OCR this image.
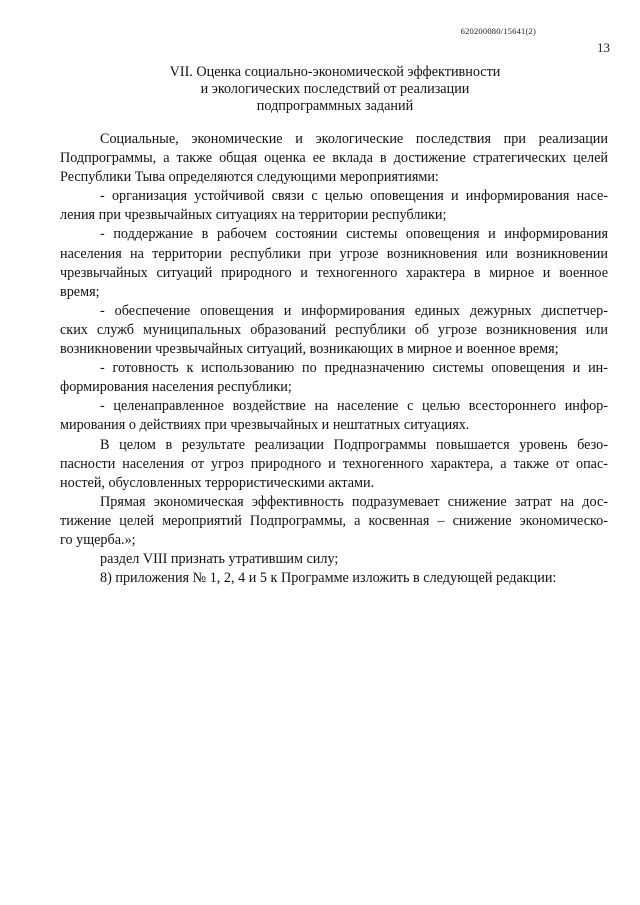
620200080/15641(2)
13
VII. Оценка социально-экономической эффективности
и экологических последствий от реализации
подпрограммных заданий

Социальные, экономические и экологические последствия при реализации
Подпрограммы, а также общая оценка ее вклада в достижение стратегических целей
Республики Тыва определяются следующими мероприятиями:

- организация устойчивой связи с целью оповещения и информирования насе-
ления при чрезвычайных ситуациях на территории республики;

- поддержание в рабочем состоянии системы оповещения и информирования
населения на территории республики при угрозе возникновения или возникновении
чрезвычайных ситуаций природного и техногенного характера в мирное и военное
время;

- обеспечение оповещения и информирования единых дежурных диспетчер-
ских служб муниципальных образований республики об угрозе возникновения или
возникновении чрезвычайных ситуаций, возникающих в мирное и военное время;

- готовность к использованию по предназначению системы оповещения и ин-
формирования населения республики;

- целенаправленное воздействие на население с целью всестороннего инфор-
мирования о действиях при чрезвычайных и нештатных ситуациях.

В целом в результате реализации Подпрограммы повышается уровень безо-
пасности населения от угроз природного и техногенного характера, а также от опас-
ностей, обусловленных террористическими актами.

Прямая экономическая эффективность подразумевает снижение затрат на дос-
тижение целей мероприятий Подпрограммы, а косвенная – снижение экономическо-
го ущерба.»;

раздел VIII признать утратившим силу;

8) приложения № 1, 2, 4 и 5 к Программе изложить в следующей редакции:
